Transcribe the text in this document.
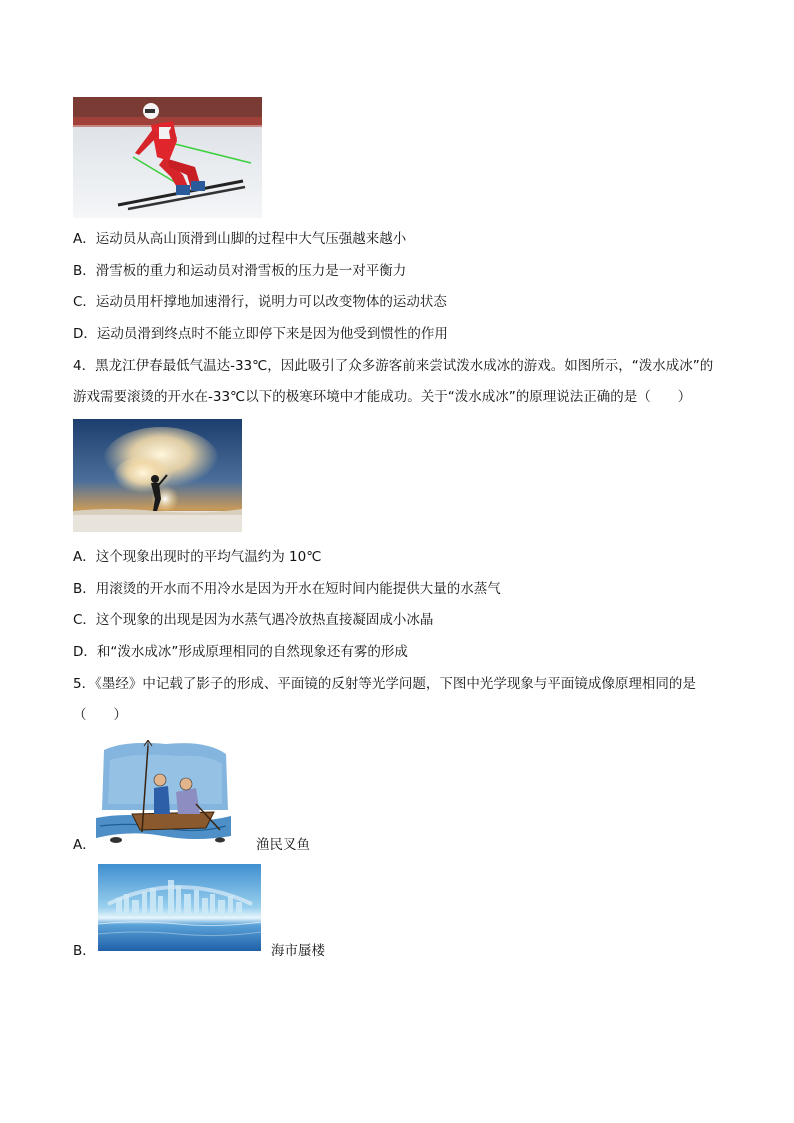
A．运动员从高山顶滑到山脚的过程中大气压强越来越小
B．滑雪板的重力和运动员对滑雪板的压力是一对平衡力
C．运动员用杆撑地加速滑行，说明力可以改变物体的运动状态
D．运动员滑到终点时不能立即停下来是因为他受到惯性的作用
4．黑龙江伊春最低气温达-33℃，因此吸引了众多游客前来尝试泼水成冰的游戏。如图所示，“泼水成冰”的
游戏需要滚烫的开水在-33℃以下的极寒环境中才能成功。关于“泼水成冰”的原理说法正确的是（　　）
A．这个现象出现时的平均气温约为 10℃
B．用滚烫的开水而不用冷水是因为开水在短时间内能提供大量的水蒸气
C．这个现象的出现是因为水蒸气遇冷放热直接凝固成小冰晶
D．和“泼水成冰”形成原理相同的自然现象还有雾的形成
5．《墨经》中记载了影子的形成、平面镜的反射等光学问题，下图中光学现象与平面镜成像原理相同的是
（　　）
A．	渔民叉鱼
B．	海市蜃楼
